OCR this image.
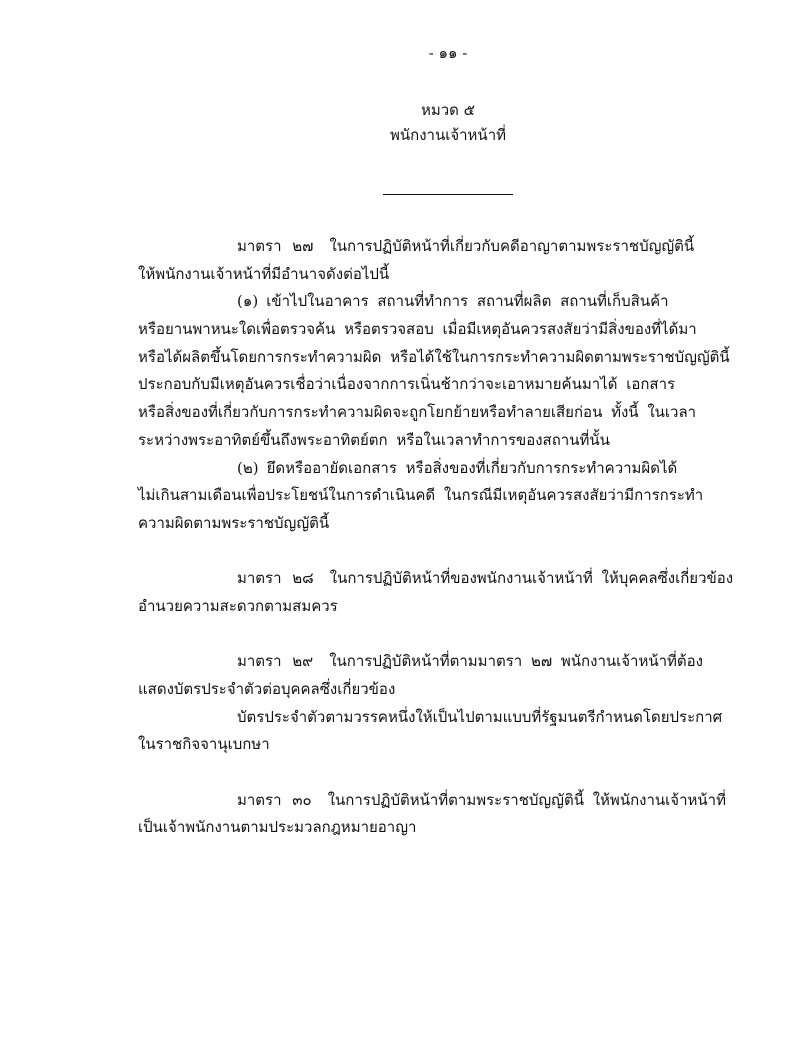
- ๑๑ -
หมวด ๕
พนักงานเจ้าหน้าที่
มาตรา ๒๗ ในการปฏิบัติหน้าที่เกี่ยวกับคดีอาญาตามพระราชบัญญัตินี้
ให้พนักงานเจ้าหน้าที่มีอำนาจดังต่อไปนี้
(๑) เข้าไปในอาคาร สถานที่ทำการ สถานที่ผลิต สถานที่เก็บสินค้า
หรือยานพาหนะใดเพื่อตรวจค้น หรือตรวจสอบ เมื่อมีเหตุอันควรสงสัยว่ามีสิ่งของที่ได้มา
หรือได้ผลิตขึ้นโดยการกระทำความผิด หรือได้ใช้ในการกระทำความผิดตามพระราชบัญญัตินี้
ประกอบกับมีเหตุอันควรเชื่อว่าเนื่องจากการเนิ่นช้ากว่าจะเอาหมายค้นมาได้ เอกสาร
หรือสิ่งของที่เกี่ยวกับการกระทำความผิดจะถูกโยกย้ายหรือทำลายเสียก่อน ทั้งนี้ ในเวลา
ระหว่างพระอาทิตย์ขึ้นถึงพระอาทิตย์ตก หรือในเวลาทำการของสถานที่นั้น
(๒) ยึดหรืออายัดเอกสาร หรือสิ่งของที่เกี่ยวกับการกระทำความผิดได้
ไม่เกินสามเดือนเพื่อประโยชน์ในการดำเนินคดี ในกรณีมีเหตุอันควรสงสัยว่ามีการกระทำ
ความผิดตามพระราชบัญญัตินี้
มาตรา ๒๘ ในการปฏิบัติหน้าที่ของพนักงานเจ้าหน้าที่ ให้บุคคลซึ่งเกี่ยวข้อง
อำนวยความสะดวกตามสมควร
มาตรา ๒๙ ในการปฏิบัติหน้าที่ตามมาตรา ๒๗ พนักงานเจ้าหน้าที่ต้อง
แสดงบัตรประจำตัวต่อบุคคลซึ่งเกี่ยวข้อง
บัตรประจำตัวตามวรรคหนึ่งให้เป็นไปตามแบบที่รัฐมนตรีกำหนดโดยประกาศ
ในราชกิจจานุเบกษา
มาตรา ๓๐ ในการปฏิบัติหน้าที่ตามพระราชบัญญัตินี้ ให้พนักงานเจ้าหน้าที่
เป็นเจ้าพนักงานตามประมวลกฎหมายอาญา
